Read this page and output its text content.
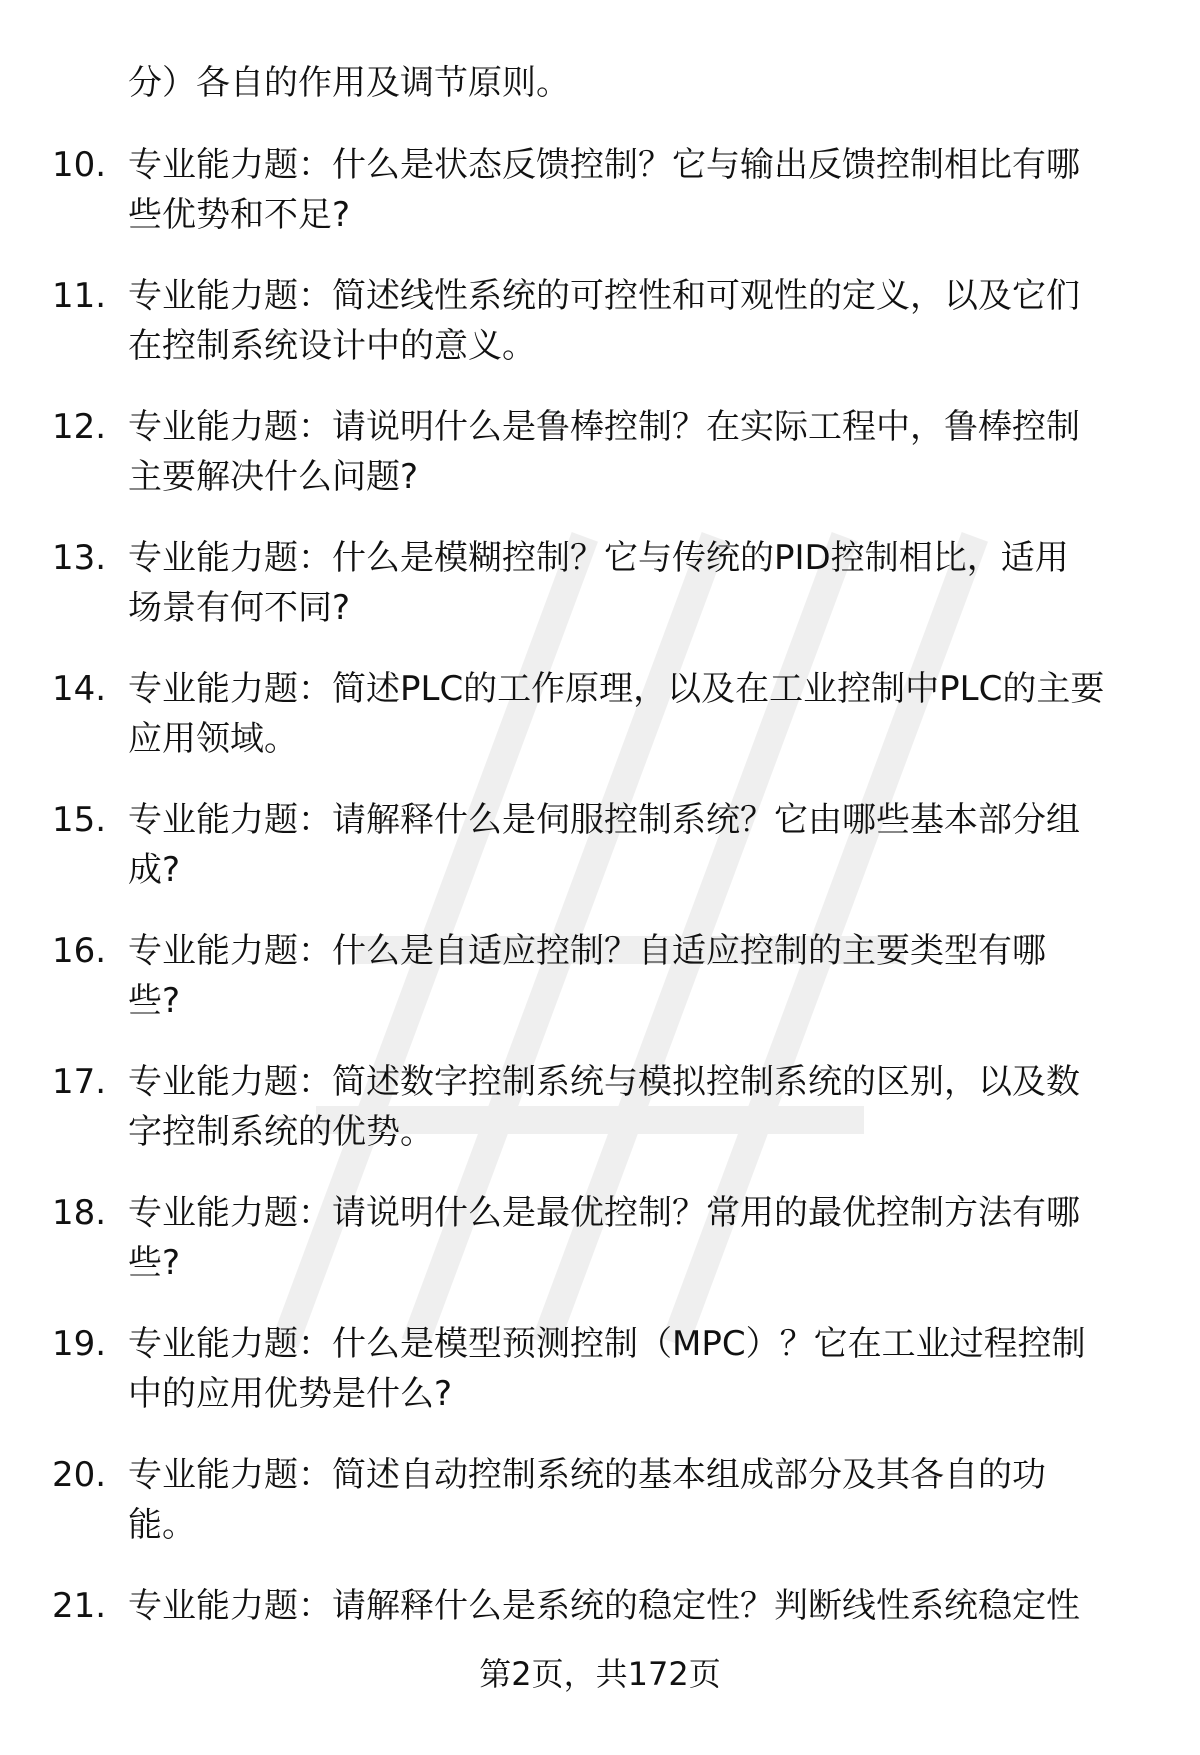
分）各自的作用及调节原则。
10. 专业能力题：什么是状态反馈控制？它与输出反馈控制相比有哪
些优势和不足?
11. 专业能力题：简述线性系统的可控性和可观性的定义，以及它们
在控制系统设计中的意义。
12. 专业能力题：请说明什么是鲁棒控制？在实际工程中，鲁棒控制
主要解决什么问题?
13. 专业能力题：什么是模糊控制？它与传统的PID控制相比，适用
场景有何不同?
14. 专业能力题：简述PLC的工作原理，以及在工业控制中PLC的主要
应用领域。
15. 专业能力题：请解释什么是伺服控制系统？它由哪些基本部分组
成?
16. 专业能力题：什么是自适应控制？自适应控制的主要类型有哪
些?
17. 专业能力题：简述数字控制系统与模拟控制系统的区别，以及数
字控制系统的优势。
18. 专业能力题：请说明什么是最优控制？常用的最优控制方法有哪
些?
19. 专业能力题：什么是模型预测控制（MPC）？它在工业过程控制
中的应用优势是什么?
20. 专业能力题：简述自动控制系统的基本组成部分及其各自的功
能。
21. 专业能力题：请解释什么是系统的稳定性？判断线性系统稳定性
第2页，共172页
